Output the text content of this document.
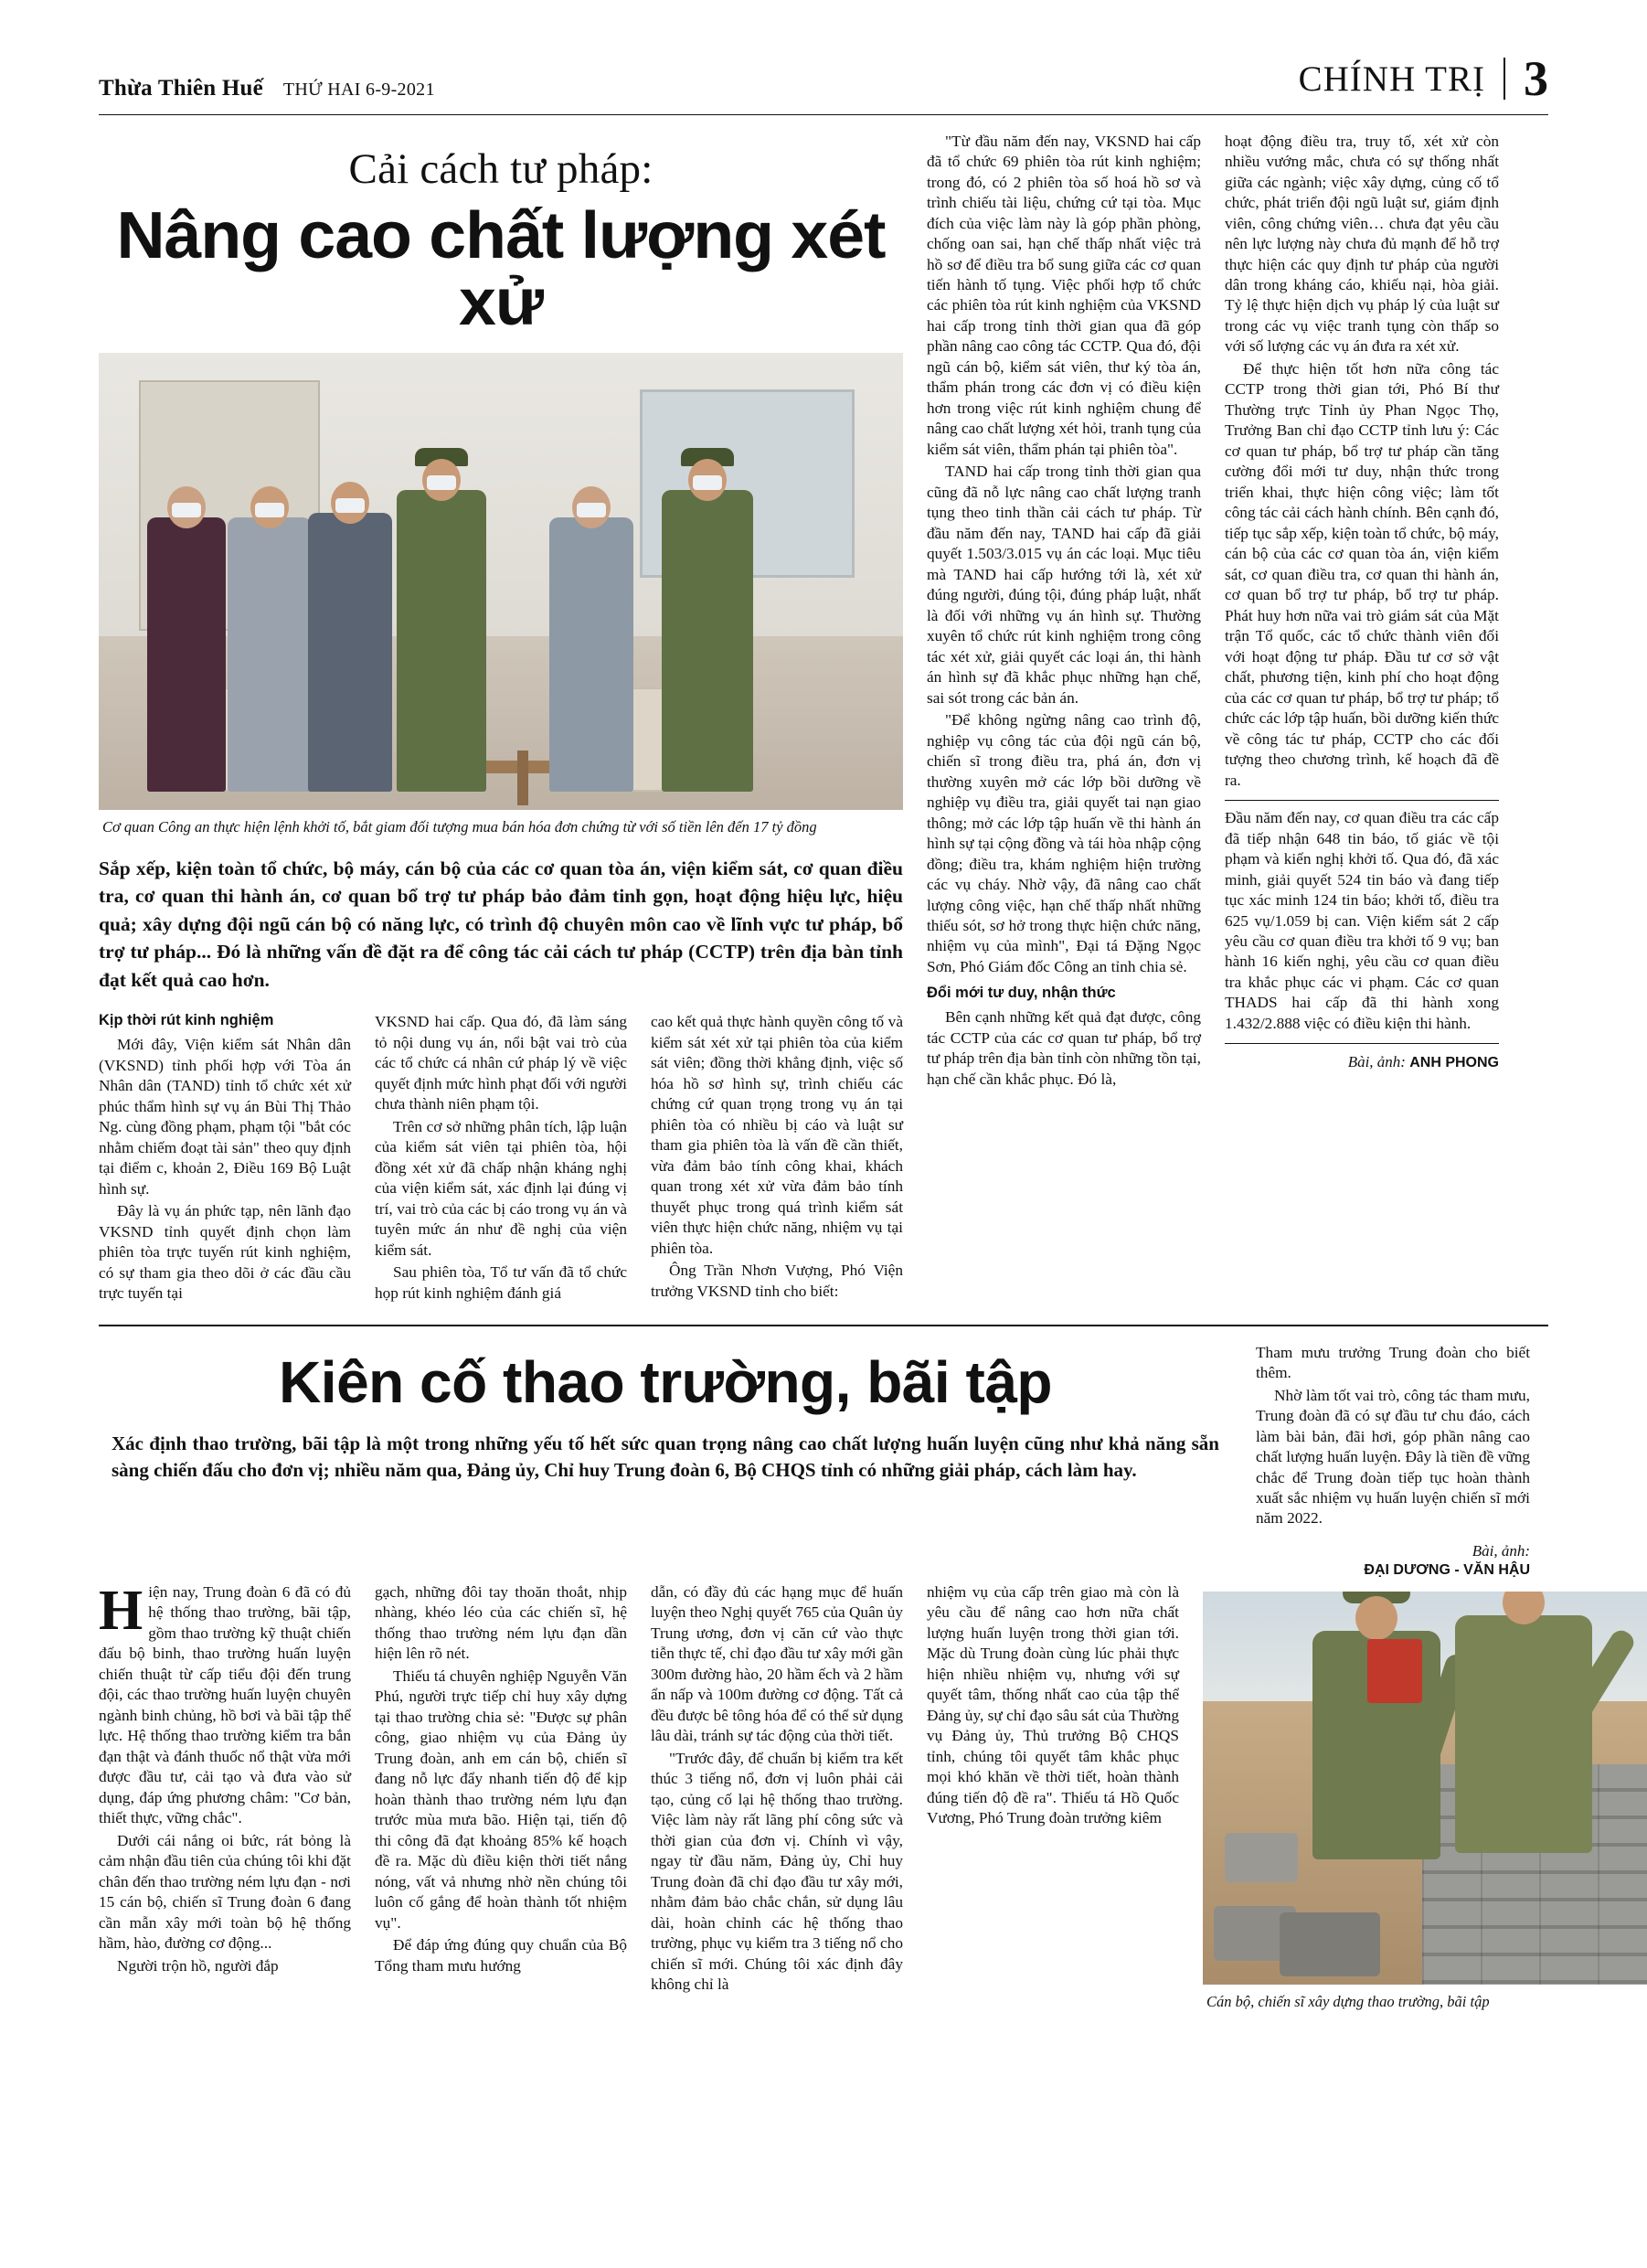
Thừa Thiên Huế THỨ HAI 6-9-2021	CHÍNH TRỊ 3
Cải cách tư pháp:
Nâng cao chất lượng xét xử
Cơ quan Công an thực hiện lệnh khởi tố, bắt giam đối tượng mua bán hóa đơn chứng từ với số tiền lên đến 17 tỷ đồng
Sắp xếp, kiện toàn tổ chức, bộ máy, cán bộ của các cơ quan tòa án, viện kiểm sát, cơ quan điều tra, cơ quan thi hành án, cơ quan bổ trợ tư pháp bảo đảm tinh gọn, hoạt động hiệu lực, hiệu quả; xây dựng đội ngũ cán bộ có năng lực, có trình độ chuyên môn cao về lĩnh vực tư pháp, bổ trợ tư pháp... Đó là những vấn đề đặt ra để công tác cải cách tư pháp (CCTP) trên địa bàn tỉnh đạt kết quả cao hơn.
Kịp thời rút kinh nghiệm

Mới đây, Viện kiểm sát Nhân dân (VKSND) tỉnh phối hợp với Tòa án Nhân dân (TAND) tỉnh tổ chức xét xử phúc thẩm hình sự vụ án Bùi Thị Thảo Ng. cùng đồng phạm, phạm tội "bắt cóc nhằm chiếm đoạt tài sản" theo quy định tại điểm c, khoản 2, Điều 169 Bộ Luật hình sự.

Đây là vụ án phức tạp, nên lãnh đạo VKSND tỉnh quyết định chọn làm phiên tòa trực tuyến rút kinh nghiệm, có sự tham gia theo dõi ở các đầu cầu trực tuyến tại

VKSND hai cấp. Qua đó, đã làm sáng tỏ nội dung vụ án, nổi bật vai trò của các tổ chức cá nhân cứ pháp lý về việc quyết định mức hình phạt đối với người chưa thành niên phạm tội.

Trên cơ sở những phân tích, lập luận của kiểm sát viên tại phiên tòa, hội đồng xét xử đã chấp nhận kháng nghị của viện kiểm sát, xác định lại đúng vị trí, vai trò của các bị cáo trong vụ án và tuyên mức án như đề nghị của viện kiểm sát.

Sau phiên tòa, Tổ tư vấn đã tổ chức họp rút kinh nghiệm đánh giá

cao kết quả thực hành quyền công tố và kiểm sát xét xử tại phiên tòa của kiểm sát viên; đồng thời khẳng định, việc số hóa hồ sơ hình sự, trình chiếu các chứng cứ quan trọng trong vụ án tại phiên tòa có nhiều bị cáo và luật sư tham gia phiên tòa là vấn đề cần thiết, vừa đảm bảo tính công khai, khách quan trong xét xử vừa đảm bảo tính thuyết phục trong quá trình kiểm sát viên thực hiện chức năng, nhiệm vụ tại phiên tòa.

Ông Trần Nhơn Vượng, Phó Viện trưởng VKSND tỉnh cho biết:

"Từ đầu năm đến nay, VKSND hai cấp đã tổ chức 69 phiên tòa rút kinh nghiệm; trong đó, có 2 phiên tòa số hoá hồ sơ và trình chiếu tài liệu, chứng cứ tại tòa. Mục đích của việc làm này là góp phần phòng, chống oan sai, hạn chế thấp nhất việc trả hồ sơ để điều tra bổ sung giữa các cơ quan tiến hành tố tụng. Việc phối hợp tổ chức các phiên tòa rút kinh nghiệm của VKSND hai cấp trong tỉnh thời gian qua đã góp phần nâng cao công tác CCTP. Qua đó, đội ngũ cán bộ, kiểm sát viên, thư ký tòa án, thẩm phán trong các đơn vị có điều kiện hơn trong việc rút kinh nghiệm chung để nâng cao chất lượng xét hỏi, tranh tụng của kiểm sát viên, thẩm phán tại phiên tòa".

TAND hai cấp trong tỉnh thời gian qua cũng đã nỗ lực nâng cao chất lượng tranh tụng theo tinh thần cải cách tư pháp. Từ đầu năm đến nay, TAND hai cấp đã giải quyết 1.503/3.015 vụ án các loại. Mục tiêu mà TAND hai cấp hướng tới là, xét xử đúng người, đúng tội, đúng pháp luật, nhất là đối với những vụ án hình sự. Thường xuyên tổ chức rút kinh nghiệm trong công tác xét xử, giải quyết các loại án, thi hành án hình sự đã khắc phục những hạn chế, sai sót trong các bản án.

"Để không ngừng nâng cao trình độ, nghiệp vụ công tác của đội ngũ cán bộ, chiến sĩ trong điều tra, phá án, đơn vị thường xuyên mở các lớp bồi dưỡng về nghiệp vụ điều tra, giải quyết tai nạn giao thông; mở các lớp tập huấn về thi hành án hình sự tại cộng đồng và tái hòa nhập cộng đồng; điều tra, khám nghiệm hiện trường các vụ cháy. Nhờ vậy, đã nâng cao chất lượng công việc, hạn chế thấp nhất những thiếu sót, sơ hở trong thực hiện chức năng, nhiệm vụ của mình", Đại tá Đặng Ngọc Sơn, Phó Giám đốc Công an tỉnh chia sẻ.

Đổi mới tư duy, nhận thức

Bên cạnh những kết quả đạt được, công tác CCTP của các cơ quan tư pháp, bổ trợ tư pháp trên địa bàn tỉnh còn những tồn tại, hạn chế cần khắc phục. Đó là,

hoạt động điều tra, truy tố, xét xử còn nhiều vướng mắc, chưa có sự thống nhất giữa các ngành; việc xây dựng, củng cố tổ chức, phát triển đội ngũ luật sư, giám định viên, công chứng viên… chưa đạt yêu cầu nên lực lượng này chưa đủ mạnh để hỗ trợ thực hiện các quy định tư pháp của người dân trong kháng cáo, khiếu nại, hòa giải. Tỷ lệ thực hiện dịch vụ pháp lý của luật sư trong các vụ việc tranh tụng còn thấp so với số lượng các vụ án đưa ra xét xử.

Để thực hiện tốt hơn nữa công tác CCTP trong thời gian tới, Phó Bí thư Thường trực Tỉnh ủy Phan Ngọc Thọ, Trưởng Ban chỉ đạo CCTP tỉnh lưu ý: Các cơ quan tư pháp, bổ trợ tư pháp cần tăng cường đổi mới tư duy, nhận thức trong triển khai, thực hiện công việc; làm tốt công tác cải cách hành chính. Bên cạnh đó, tiếp tục sắp xếp, kiện toàn tổ chức, bộ máy, cán bộ của các cơ quan tòa án, viện kiểm sát, cơ quan điều tra, cơ quan thi hành án, cơ quan bổ trợ tư pháp, bổ trợ tư pháp. Phát huy hơn nữa vai trò giám sát của Mặt trận Tổ quốc, các tổ chức thành viên đối với hoạt động tư pháp. Đầu tư cơ sở vật chất, phương tiện, kinh phí cho hoạt động của các cơ quan tư pháp, bổ trợ tư pháp; tổ chức các lớp tập huấn, bồi dưỡng kiến thức về công tác tư pháp, CCTP cho các đối tượng theo chương trình, kế hoạch đã đề ra.

Đầu năm đến nay, cơ quan điều tra các cấp đã tiếp nhận 648 tin báo, tố giác về tội phạm và kiến nghị khởi tố. Qua đó, đã xác minh, giải quyết 524 tin báo và đang tiếp tục xác minh 124 tin báo; khởi tố, điều tra 625 vụ/1.059 bị can. Viện kiểm sát 2 cấp yêu cầu cơ quan điều tra khởi tố 9 vụ; ban hành 16 kiến nghị, yêu cầu cơ quan điều tra khắc phục các vi phạm. Các cơ quan THADS hai cấp đã thi hành xong 1.432/2.888 việc có điều kiện thi hành.

Bài, ảnh: ANH PHONG
Kiên cố thao trường, bãi tập
Xác định thao trường, bãi tập là một trong những yếu tố hết sức quan trọng nâng cao chất lượng huấn luyện cũng như khả năng sẵn sàng chiến đấu cho đơn vị; nhiều năm qua, Đảng ủy, Chỉ huy Trung đoàn 6, Bộ CHQS tỉnh có những giải pháp, cách làm hay.

Tham mưu trưởng Trung đoàn cho biết thêm.

Nhờ làm tốt vai trò, công tác tham mưu, Trung đoàn đã có sự đầu tư chu đáo, cách làm bài bản, đãi hơi, góp phần nâng cao chất lượng huấn luyện. Đây là tiền đề vững chắc để Trung đoàn tiếp tục hoàn thành xuất sắc nhiệm vụ huấn luyện chiến sĩ mới năm 2022.

Bài, ảnh:
ĐẠI DƯƠNG - VĂN HẬU

Hiện nay, Trung đoàn 6 đã có đủ hệ thống thao trường, bãi tập, gồm thao trường kỹ thuật chiến đấu bộ binh, thao trường huấn luyện chiến thuật từ cấp tiểu đội đến trung đội, các thao trường huấn luyện chuyên ngành binh chủng, hồ bơi và bãi tập thể lực. Hệ thống thao trường kiểm tra bắn đạn thật và đánh thuốc nổ thật vừa mới được đầu tư, cải tạo và đưa vào sử dụng, đáp ứng phương châm: "Cơ bản, thiết thực, vững chắc".

Dưới cái nắng oi bức, rát bỏng là cảm nhận đầu tiên của chúng tôi khi đặt chân đến thao trường ném lựu đạn - nơi 15 cán bộ, chiến sĩ Trung đoàn 6 đang cần mẫn xây mới toàn bộ hệ thống hầm, hào, đường cơ động...

Người trộn hồ, người đắp

gạch, những đôi tay thoăn thoắt, nhịp nhàng, khéo léo của các chiến sĩ, hệ thống thao trường ném lựu đạn dần hiện lên rõ nét.

Thiếu tá chuyên nghiệp Nguyễn Văn Phú, người trực tiếp chỉ huy xây dựng tại thao trường chia sẻ: "Được sự phân công, giao nhiệm vụ của Đảng ủy Trung đoàn, anh em cán bộ, chiến sĩ đang nỗ lực đẩy nhanh tiến độ để kịp hoàn thành thao trường ném lựu đạn trước mùa mưa bão. Hiện tại, tiến độ thi công đã đạt khoảng 85% kế hoạch đề ra. Mặc dù điều kiện thời tiết nắng nóng, vất vả nhưng nhờ nền chúng tôi luôn cố gắng để hoàn thành tốt nhiệm vụ".

Để đáp ứng đúng quy chuẩn của Bộ Tổng tham mưu hướng

dẫn, có đầy đủ các hạng mục để huấn luyện theo Nghị quyết 765 của Quân ủy Trung ương, đơn vị căn cứ vào thực tiễn thực tế, chỉ đạo đầu tư xây mới gần 300m đường hào, 20 hầm ếch và 2 hầm ẩn nấp và 100m đường cơ động. Tất cả đều được bê tông hóa để có thể sử dụng lâu dài, tránh sự tác động của thời tiết.

"Trước đây, để chuẩn bị kiểm tra kết thúc 3 tiếng nổ, đơn vị luôn phải cải tạo, củng cố lại hệ thống thao trường. Việc làm này rất lãng phí công sức và thời gian của đơn vị. Chính vì vậy, ngay từ đầu năm, Đảng ủy, Chỉ huy Trung đoàn đã chỉ đạo đầu tư xây mới, nhằm đảm bảo chắc chắn, sử dụng lâu dài, hoàn chỉnh các hệ thống thao trường, phục vụ kiểm tra 3 tiếng nổ cho chiến sĩ mới. Chúng tôi xác định đây không chỉ là

nhiệm vụ của cấp trên giao mà còn là yêu cầu để nâng cao hơn nữa chất lượng huấn luyện trong thời gian tới. Mặc dù Trung đoàn cùng lúc phải thực hiện nhiều nhiệm vụ, nhưng với sự quyết tâm, thống nhất cao của tập thể Đảng ủy, sự chỉ đạo sâu sát của Thường vụ Đảng ủy, Thủ trưởng Bộ CHQS tỉnh, chúng tôi quyết tâm khắc phục mọi khó khăn về thời tiết, hoàn thành đúng tiến độ đề ra". Thiếu tá Hồ Quốc Vương, Phó Trung đoàn trưởng kiêm

Cán bộ, chiến sĩ xây dựng thao trường, bãi tập
